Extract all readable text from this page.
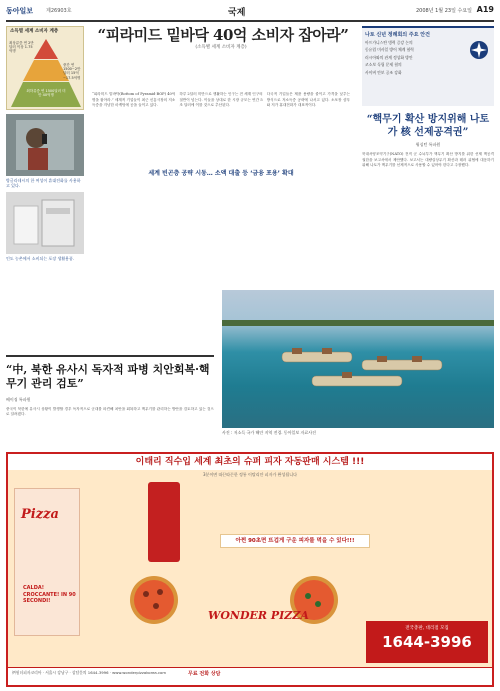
동아일보	제26903호	국제	2008년 1월 23일 수요일 A19
소득별 세계 소비자 계층
최상류층 연 2만 달러 이상 1.75억명
중간 연 1500~2만 달러 15억~17.5억명
최하류층 연 1500달러 미만 40억명
방글라데시의 한 여성이 휴대전화를 사용하고 있다.
인도 농촌에서 소비되는 포장 생활용품.
“피라미드 밑바닥 40억 소비자 잡아라”
(소득별 세계 소비자 계층)
“피라미드 밑바닥(Bottom of Pyramid·BOP) 40억명을 잡아라.” 세계적 기업들이 최근 신흥시장의 저소득층을 겨냥한 마케팅에 공을 들이고 있다.
하루 2달러 미만으로 생활하는 인구는 전 세계 인구의 절반이 넘는다. 이들을 상대로 한 시장 규모는 연간 5조 달러에 이를 것으로 추산된다.
다국적 기업들은 제품 용량을 줄이고 가격을 낮추는 방식으로 저소득층 공략에 나서고 있다. 소포장 샴푸와 저가 휴대전화가 대표적이다.
세계 빈곤층 공략 시동… 소액 대출 등 ‘금융 포용’ 확대
사진 : 저소득 국가 해안 지역 전경. 동아일보 자료사진
나토 신년 정례회의 주요 안건
아프가니스탄 병력 증강 논의
동유럽 미사일 방어 체계 협력
러시아와의 관계 정상화 방안
코소보 독립 문제 협의
사이버 안보 공조 강화
“핵무기 확산 방지위해 나토가 核 선제공격권”
워싱턴 특파원
북대서양조약기구(NATO) 전직 군 수뇌부가 핵무기 확산 방지를 위한 선제 핵공격 권한을 보고서에서 제안했다. 보고서는 대량살상무기 확산과 테러 위협에 대응하기 위해 나토가 핵무기를 선제적으로 사용할 수 있어야 한다고 주장했다.
“中, 북한 유사시 독자적 파병 치안회복·핵무기 관리 검토”
베이징 특파원
중국이 북한에 유사시 상황이 발생할 경우 독자적으로 군대를 파견해 치안을 회복하고 핵무기를 관리하는 방안을 검토하고 있는 것으로 알려졌다.
이태리 직수입 세계 최초의 슈퍼 피자 자동판매 시스템 !!!
3분이면 따끈따끈한 정통 이탈리안 피자가 완성됩니다
Pizza
CALDA! CROCCANTE! IN 90 SECONDI!
아쩐 90초면 뜨겁게 구운 피자를 먹을 수 있다!!!
WONDER PIZZA
전국총판, 대리점 모집
1644-3996
㈜원더피자코리아 · 서울시 강남구 · 상담문의 1644-3996 · www.wonderpizzakorea.com	무료 전화 상담
